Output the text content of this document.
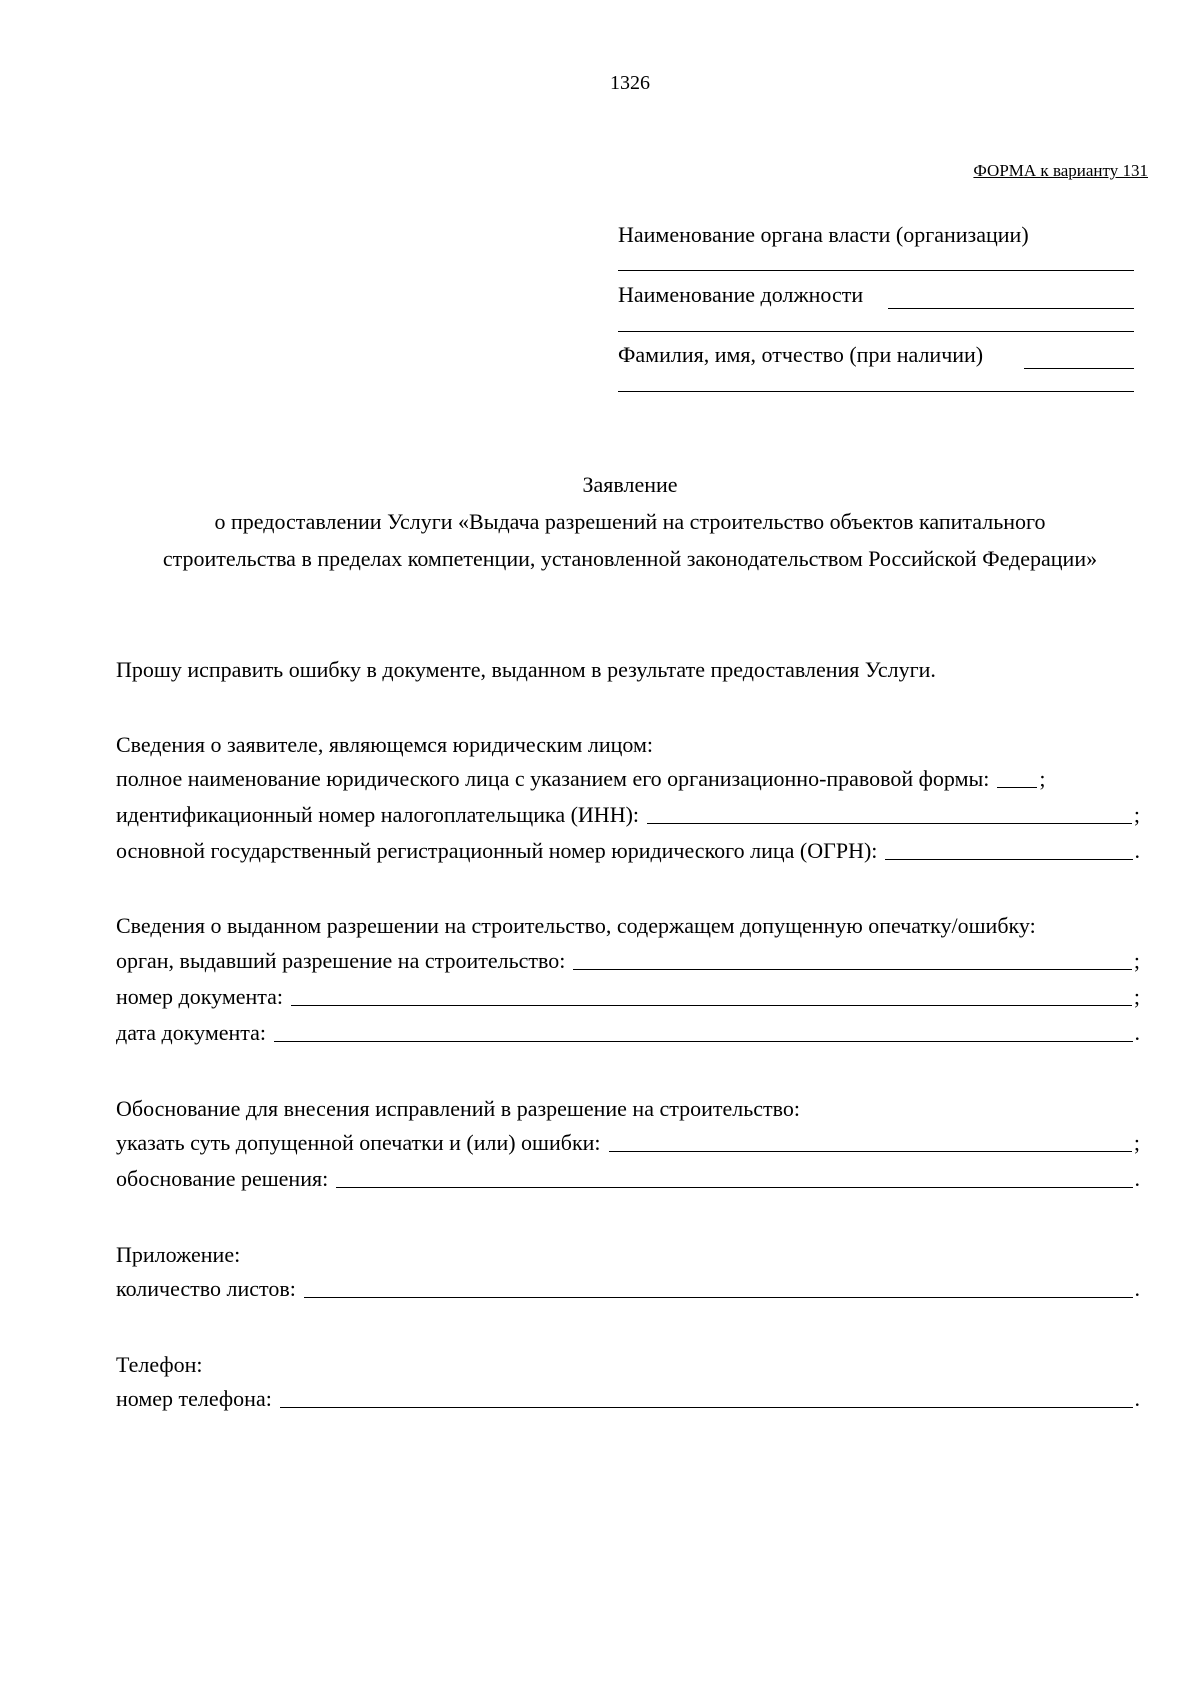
1326
ФОРМА к варианту 131
Наименование органа власти (организации)
Наименование должности
Фамилия, имя, отчество (при наличии)
Заявление
о предоставлении Услуги «Выдача разрешений на строительство объектов капитального строительства в пределах компетенции, установленной законодательством Российской Федерации»
Прошу исправить ошибку в документе, выданном в результате предоставления Услуги.
Сведения о заявителе, являющемся юридическим лицом:
полное наименование юридического лица с указанием его организационно-правовой формы: ;
идентификационный номер налогоплательщика (ИНН):	;
основной государственный регистрационный номер юридического лица (ОГРН):	.
Сведения о выданном разрешении на строительство, содержащем допущенную опечатку/ошибку:
орган, выдавший разрешение на строительство:	;
номер документа:	;
дата документа:	.
Обоснование для внесения исправлений в разрешение на строительство:
указать суть допущенной опечатки и (или) ошибки:	;
обоснование решения:	.
Приложение:
количество листов:	.
Телефон:
номер телефона:	.
